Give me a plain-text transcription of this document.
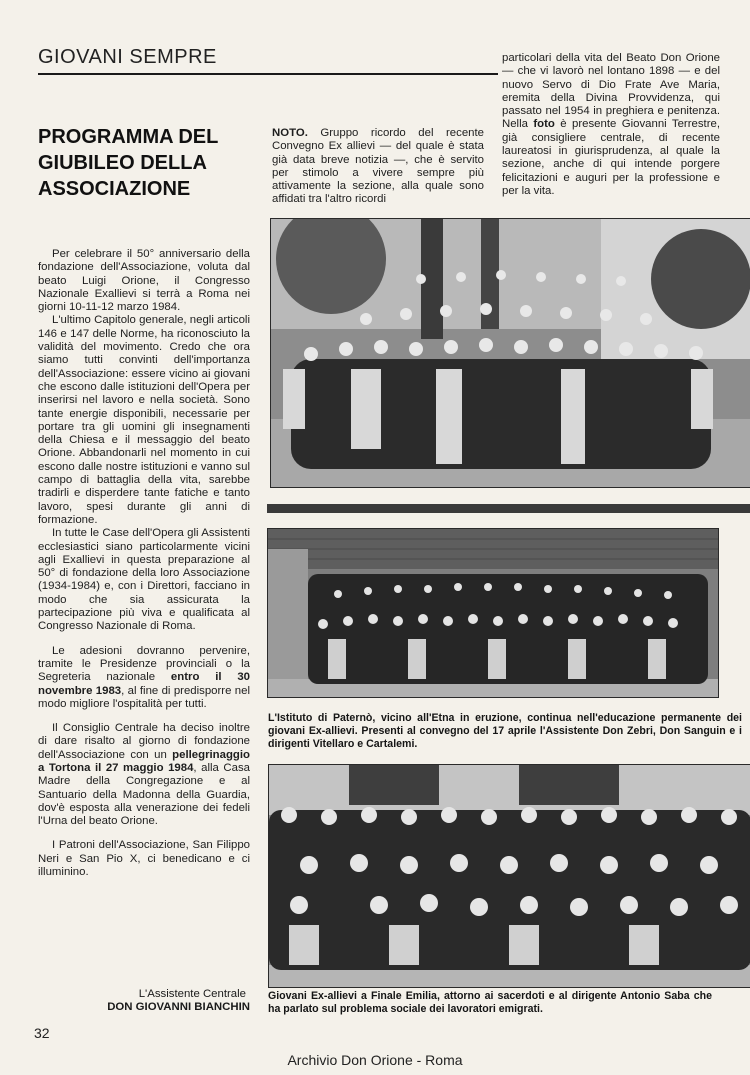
GIOVANI SEMPRE
PROGRAMMA DEL GIUBILEO DELLA ASSOCIAZIONE

Per celebrare il 50° anniversario della fondazione dell'Associazione, voluta dal beato Luigi Orione, il Congresso Nazionale Exallievi si terrà a Roma nei giorni 10-11-12 marzo 1984.

L'ultimo Capitolo generale, negli articoli 146 e 147 delle Norme, ha riconosciuto la validità del movimento. Credo che ora siamo tutti convinti dell'importanza dell'Associazione: essere vicino ai giovani che escono dalle istituzioni dell'Opera per inserirsi nel lavoro e nella società. Sono tante energie disponibili, necessarie per portare tra gli uomini gli insegnamenti della Chiesa e il messaggio del beato Orione. Abbandonarli nel momento in cui escono dalle nostre istituzioni e vanno sul campo di battaglia della vita, sarebbe tradirli e disperdere tante fatiche e tanto lavoro, spesi durante gli anni di formazione.

In tutte le Case dell'Opera gli Assistenti ecclesiastici siano particolarmente vicini agli Exallievi in questa preparazione al 50° di fondazione della loro Associazione (1934-1984) e, con i Direttori, facciano in modo che sia assicurata la partecipazione più viva e qualificata al Congresso Nazionale di Roma.

Le adesioni dovranno pervenire, tramite le Presidenze provinciali o la Segreteria nazionale entro il 30 novembre 1983, al fine di predisporre nel modo migliore l'ospitalità per tutti.

Il Consiglio Centrale ha deciso inoltre di dare risalto al giorno di fondazione dell'Associazione con un pellegrinaggio a Tortona il 27 maggio 1984, alla Casa Madre della Congregazione e al Santuario della Madonna della Guardia, dov'è esposta alla venerazione dei fedeli l'Urna del beato Orione.

I Patroni dell'Associazione, San Filippo Neri e San Pio X, ci benedicano e ci illuminino.

L'Assistente Centrale
DON GIOVANNI BIANCHIN

NOTO. Gruppo ricordo del recente Convegno Ex allievi — del quale è stata già data breve notizia —, che è servito per stimolo a vivere sempre più attivamente la sezione, alla quale sono affidati tra l'altro ricordi

particolari della vita del Beato Don Orione — che vi lavorò nel lontano 1898 — e del nuovo Servo di Dio Frate Ave Maria, eremita della Divina Provvidenza, qui passato nel 1954 in preghiera e penitenza. Nella foto è presente Giovanni Terrestre, già consigliere centrale, di recente laureatosi in giurisprudenza, al quale la sezione, anche di qui intende porgere felicitazioni e auguri per la professione e per la vita.

L'Istituto di Paternò, vicino all'Etna in eruzione, continua nell'educazione permanente dei giovani Ex-allievi. Presenti al convegno del 17 aprile l'Assistente Don Zebri, Don Sanguin e i dirigenti Vitellaro e Cartalemi.
Giovani Ex-allievi a Finale Emilia, attorno ai sacerdoti e al dirigente Antonio Saba che ha parlato sul problema sociale dei lavoratori emigrati.
32
Archivio Don Orione - Roma
